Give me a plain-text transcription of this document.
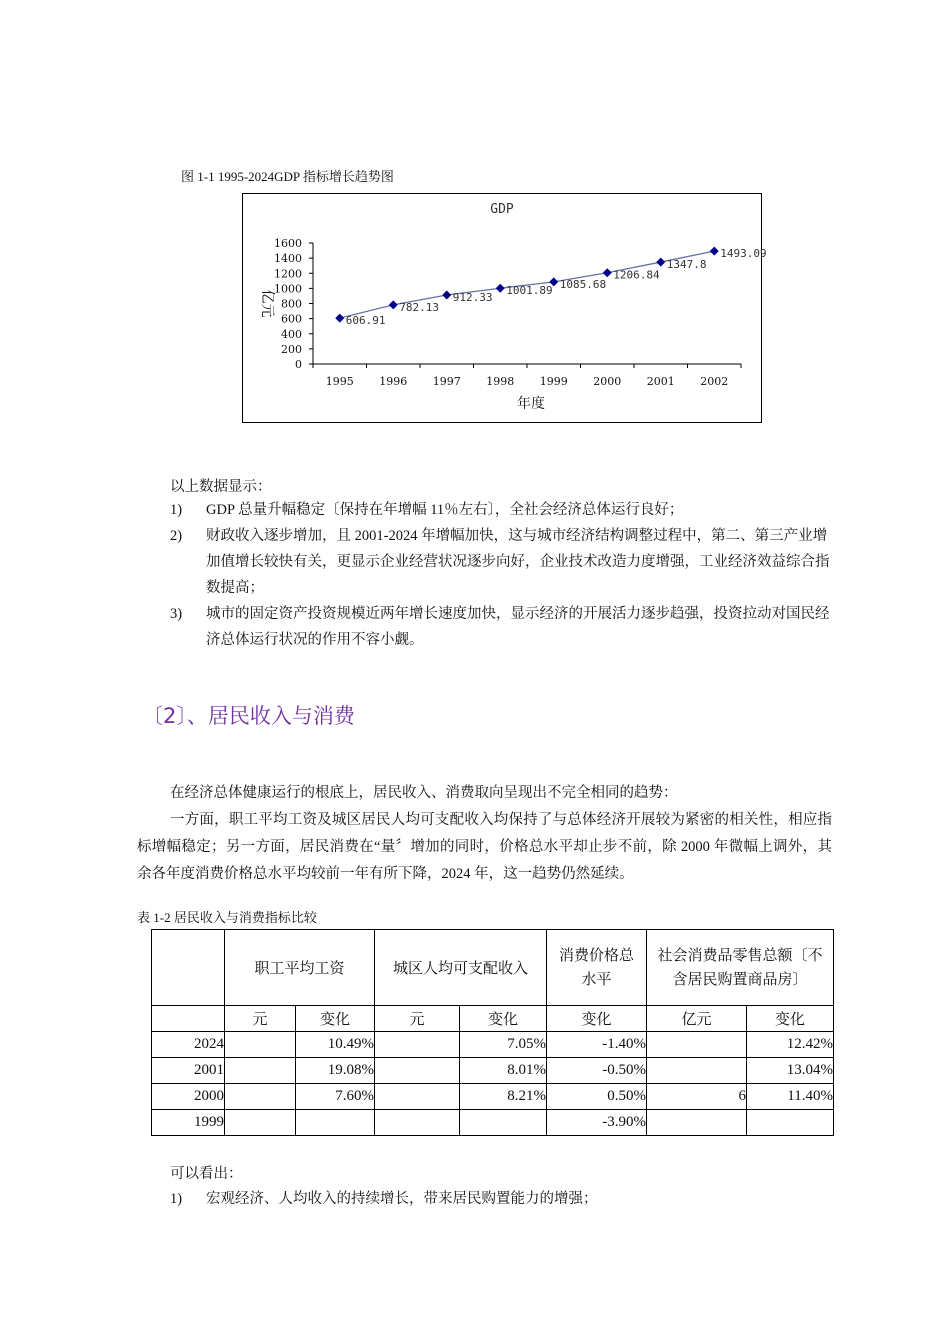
图 1-1 1995-2024GDP 指标增长趋势图
GDP
0
200
400
600
800
1000
1200
1400
1600
1995 1996 1997 1998 1999 2000 2001 2002
年度
亿元
606.91
782.13
912.33
1001.89 1085.68
1206.84
1347.8
1493.09
以上数据显示：
1) GDP 总量升幅稳定〔保持在年增幅 11％左右〕，全社会经济总体运行良好；
2) 财政收入逐步增加，且 2001-2024 年增幅加快，这与城市经济结构调整过程中，第二、第三产业增加值增长较快有关，更显示企业经营状况逐步向好，企业技术改造力度增强，工业经济效益综合指数提高；
3) 城市的固定资产投资规模近两年增长速度加快，显示经济的开展活力逐步趋强，投资拉动对国民经济总体运行状况的作用不容小觑。
〔2〕、居民收入与消费

在经济总体健康运行的根底上，居民收入、消费取向呈现出不完全相同的趋势：

一方面，职工平均工资及城区居民人均可支配收入均保持了与总体经济开展较为紧密的相关性，相应指标增幅稳定；另一方面，居民消费在“量〞增加的同时，价格总水平却止步不前，除 2000 年微幅上调外，其余各年度消费价格总水平均较前一年有所下降，2024 年，这一趋势仍然延续。

表 1-2 居民收入与消费指标比较
	职工平均工资		城区人均可支配收入		消费价格总水平	社会消费品零售总额〔不含居民购置商品房〕	
	元	变化	元	变化	变化	亿元	变化
2024		10.49%		7.05%	-1.40%		12.42%
2001		19.08%		8.01%	-0.50%		13.04%
2000		7.60%		8.21%	0.50%	6	11.40%
1999					-3.90%		
可以看出：
1) 宏观经济、人均收入的持续增长，带来居民购置能力的增强；
